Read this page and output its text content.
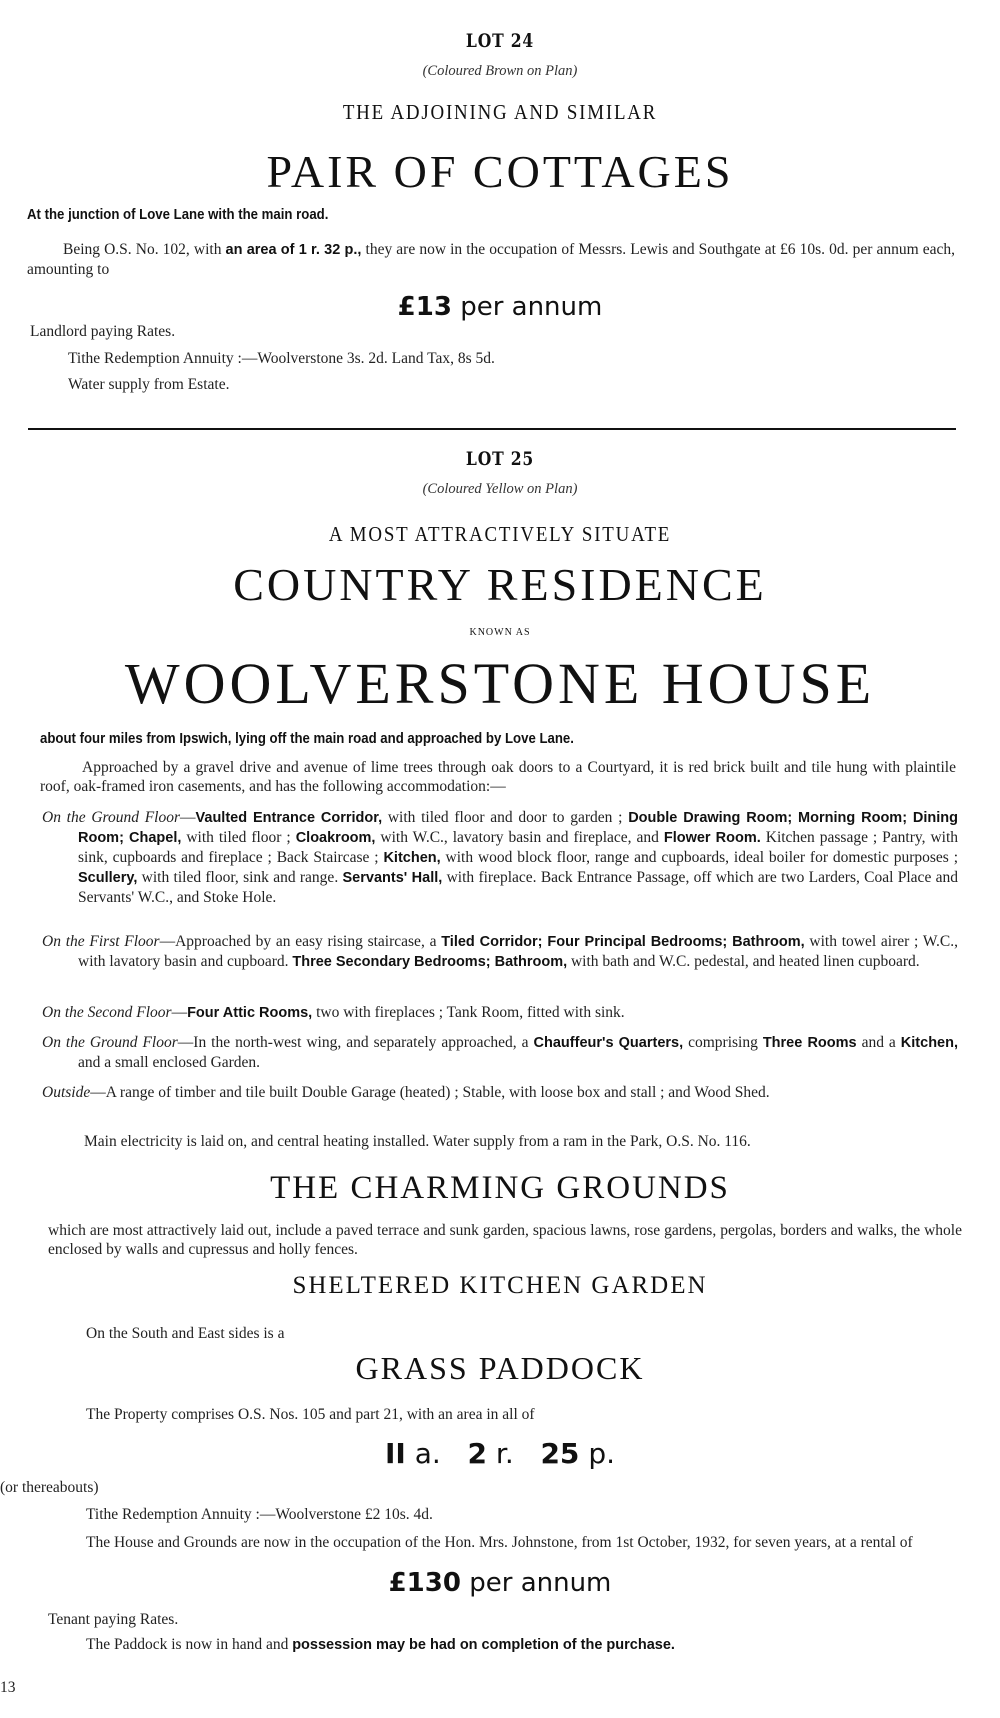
LOT 24
(Coloured Brown on Plan)
THE ADJOINING AND SIMILAR
PAIR OF COTTAGES
At the junction of Love Lane with the main road.

Being O.S. No. 102, with an area of 1 r. 32 p., they are now in the occupation of Messrs. Lewis and Southgate at £6 10s. 0d. per annum each, amounting to

£13 per annum
Landlord paying Rates.
Tithe Redemption Annuity :—Woolverstone 3s. 2d. Land Tax, 8s 5d.
Water supply from Estate.
LOT 25
(Coloured Yellow on Plan)
A MOST ATTRACTIVELY SITUATE
COUNTRY RESIDENCE
KNOWN AS
WOOLVERSTONE HOUSE
about four miles from Ipswich, lying off the main road and approached by Love Lane.

Approached by a gravel drive and avenue of lime trees through oak doors to a Courtyard, it is red brick built and tile hung with plaintile roof, oak-framed iron casements, and has the following accommodation:—

On the Ground Floor—Vaulted Entrance Corridor, with tiled floor and door to garden ; Double Drawing Room; Morning Room; Dining Room; Chapel, with tiled floor ; Cloakroom, with W.C., lavatory basin and fireplace, and Flower Room. Kitchen passage ; Pantry, with sink, cupboards and fireplace ; Back Staircase ; Kitchen, with wood block floor, range and cupboards, ideal boiler for domestic purposes ; Scullery, with tiled floor, sink and range. Servants' Hall, with fireplace. Back Entrance Passage, off which are two Larders, Coal Place and Servants' W.C., and Stoke Hole.

On the First Floor—Approached by an easy rising staircase, a Tiled Corridor; Four Principal Bedrooms; Bathroom, with towel airer ; W.C., with lavatory basin and cupboard. Three Secondary Bedrooms; Bathroom, with bath and W.C. pedestal, and heated linen cupboard.

On the Second Floor—Four Attic Rooms, two with fireplaces ; Tank Room, fitted with sink.

On the Ground Floor—In the north-west wing, and separately approached, a Chauffeur's Quarters, comprising Three Rooms and a Kitchen, and a small enclosed Garden.

Outside—A range of timber and tile built Double Garage (heated) ; Stable, with loose box and stall ; and Wood Shed.

Main electricity is laid on, and central heating installed. Water supply from a ram in the Park, O.S. No. 116.

THE CHARMING GROUNDS

which are most attractively laid out, include a paved terrace and sunk garden, spacious lawns, rose gardens, pergolas, borders and walks, the whole enclosed by walls and cupressus and holly fences.

SHELTERED KITCHEN GARDEN
On the South and East sides is a
GRASS PADDOCK
The Property comprises O.S. Nos. 105 and part 21, with an area in all of
II a. 2 r. 25 p.
(or thereabouts)
Tithe Redemption Annuity :—Woolverstone £2 10s. 4d.

The House and Grounds are now in the occupation of the Hon. Mrs. Johnstone, from 1st October, 1932, for seven years, at a rental of

£130 per annum
Tenant paying Rates.
The Paddock is now in hand and possession may be had on completion of the purchase.
13
